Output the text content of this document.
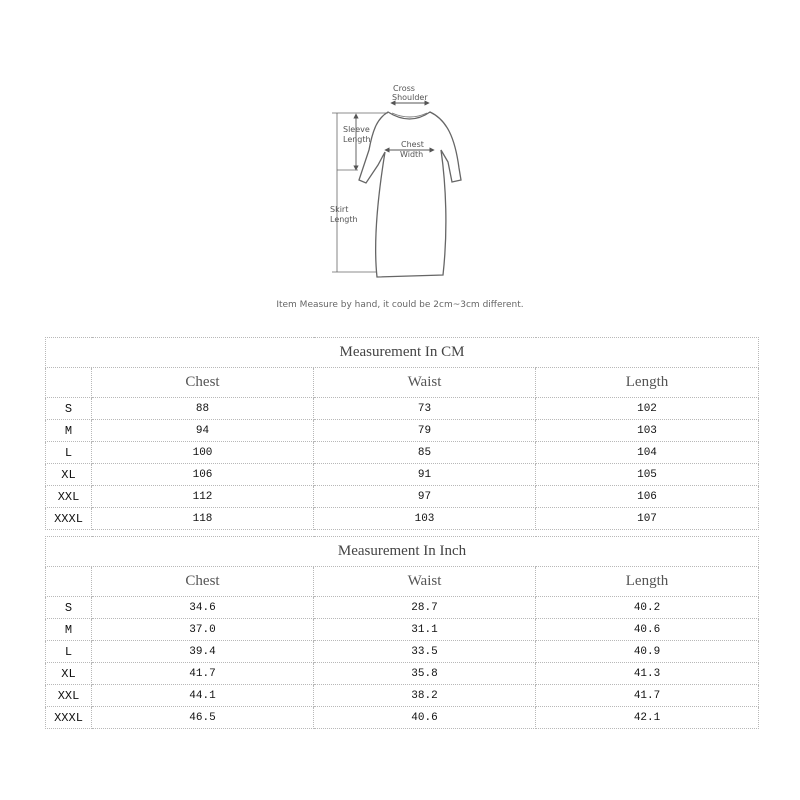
Cross
Shoulder
Chest
Width
Sleeve
Length
Skirt
Length
Item Measure by hand, it could be 2cm~3cm different.
Measurement In CM			
	Chest	Waist	Length
S	88	73	102
M	94	79	103
L	100	85	104
XL	106	91	105
XXL	112	97	106
XXXL	118	103	107
Measurement In Inch			
	Chest	Waist	Length
S	34.6	28.7	40.2
M	37.0	31.1	40.6
L	39.4	33.5	40.9
XL	41.7	35.8	41.3
XXL	44.1	38.2	41.7
XXXL	46.5	40.6	42.1
